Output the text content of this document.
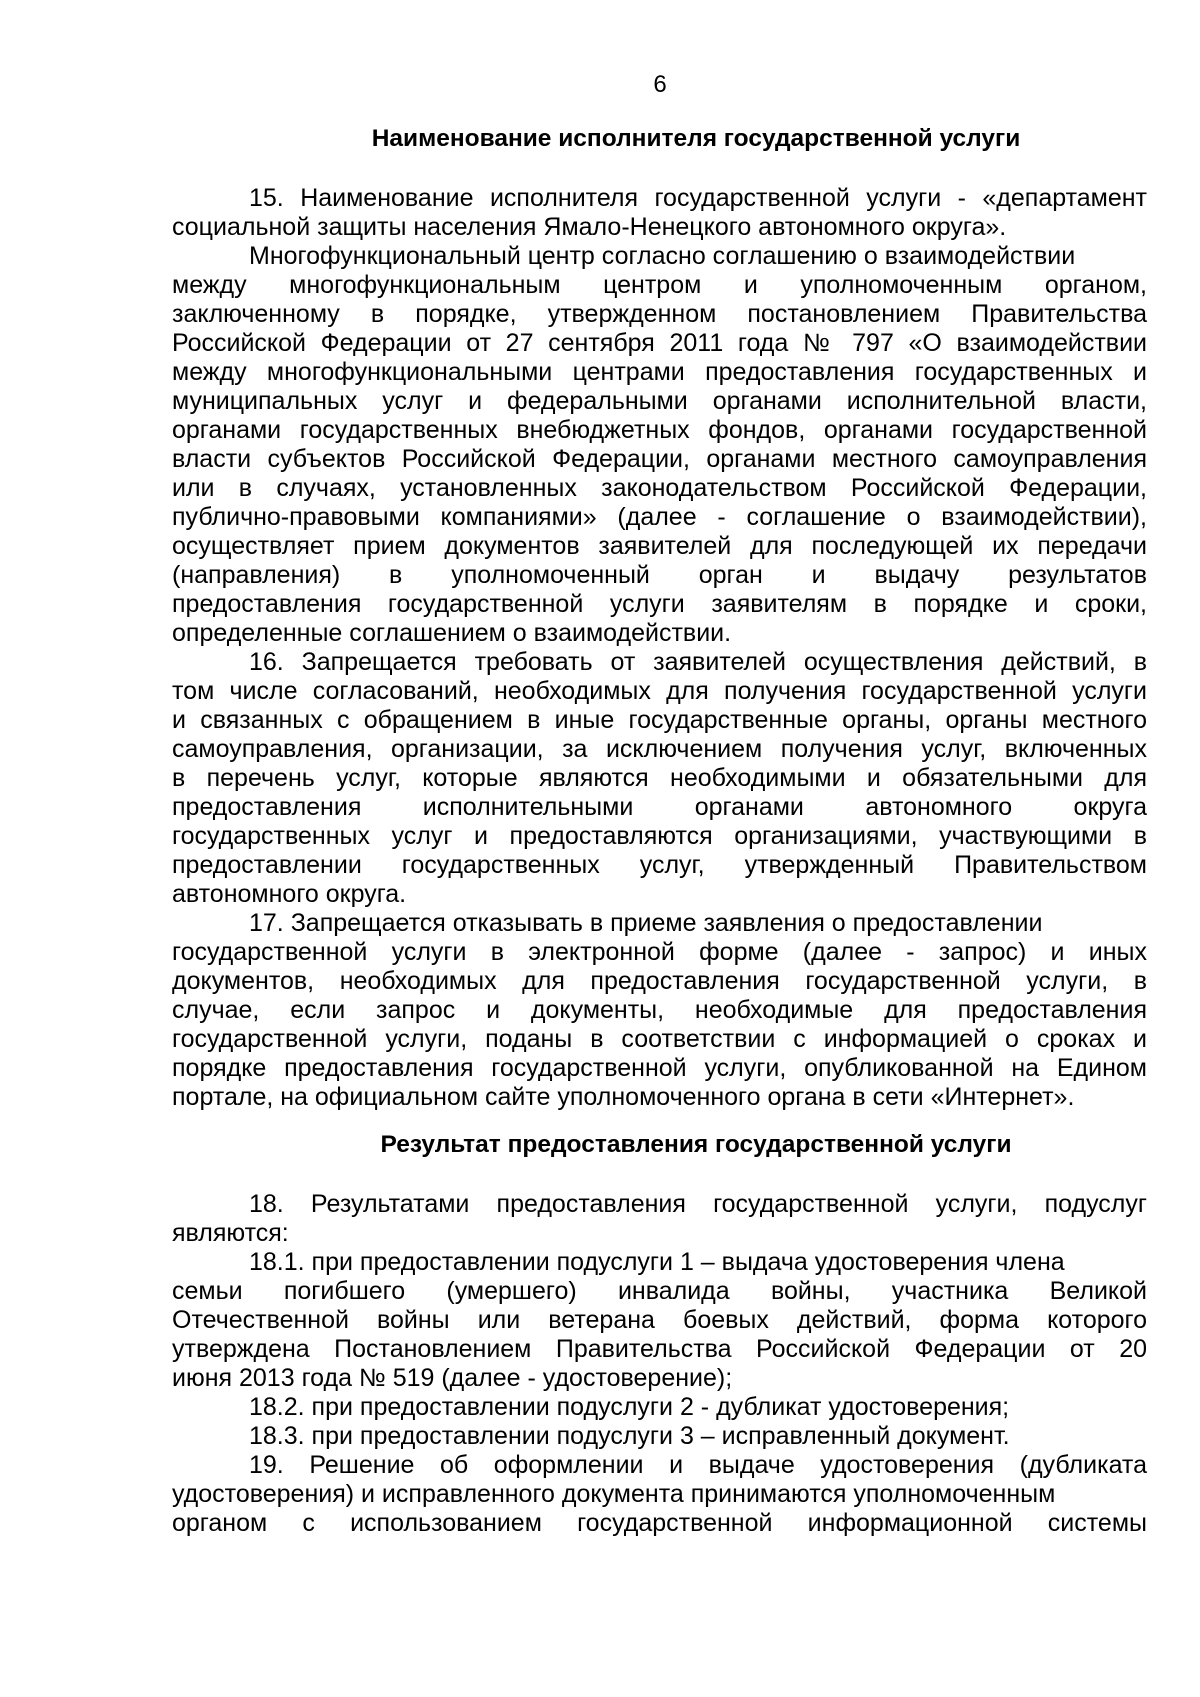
6
Наименование исполнителя государственной услуги
15. Наименование исполнителя государственной услуги - «департамент
социальной защиты населения Ямало-Ненецкого автономного округа».
Многофункциональный центр согласно соглашению о взаимодействии
между многофункциональным центром и уполномоченным органом,
заключенному в порядке, утвержденном постановлением Правительства
Российской Федерации от 27 сентября 2011 года № 797 «О взаимодействии
между многофункциональными центрами предоставления государственных и
муниципальных услуг и федеральными органами исполнительной власти,
органами государственных внебюджетных фондов, органами государственной
власти субъектов Российской Федерации, органами местного самоуправления
или в случаях, установленных законодательством Российской Федерации,
публично-правовыми компаниями» (далее - соглашение о взаимодействии),
осуществляет прием документов заявителей для последующей их передачи
(направления) в уполномоченный орган и выдачу результатов
предоставления государственной услуги заявителям в порядке и сроки,
определенные соглашением о взаимодействии.
16. Запрещается требовать от заявителей осуществления действий, в
том числе согласований, необходимых для получения государственной услуги
и связанных с обращением в иные государственные органы, органы местного
самоуправления, организации, за исключением получения услуг, включенных
в перечень услуг, которые являются необходимыми и обязательными для
предоставления исполнительными органами автономного округа
государственных услуг и предоставляются организациями, участвующими в
предоставлении государственных услуг, утвержденный Правительством
автономного округа.
17. Запрещается отказывать в приеме заявления о предоставлении
государственной услуги в электронной форме (далее - запрос) и иных
документов, необходимых для предоставления государственной услуги, в
случае, если запрос и документы, необходимые для предоставления
государственной услуги, поданы в соответствии с информацией о сроках и
порядке предоставления государственной услуги, опубликованной на Едином
портале, на официальном сайте уполномоченного органа в сети «Интернет».
Результат предоставления государственной услуги
18. Результатами предоставления государственной услуги, подуслуг
являются:
18.1. при предоставлении подуслуги 1 – выдача удостоверения члена
семьи погибшего (умершего) инвалида войны, участника Великой
Отечественной войны или ветерана боевых действий, форма которого
утверждена Постановлением Правительства Российской Федерации от 20
июня 2013 года № 519 (далее - удостоверение);
18.2. при предоставлении подуслуги 2 - дубликат удостоверения;
18.3. при предоставлении подуслуги 3 – исправленный документ.
19. Решение об оформлении и выдаче удостоверения (дубликата
удостоверения) и исправленного документа принимаются уполномоченным
органом с использованием государственной информационной системы
